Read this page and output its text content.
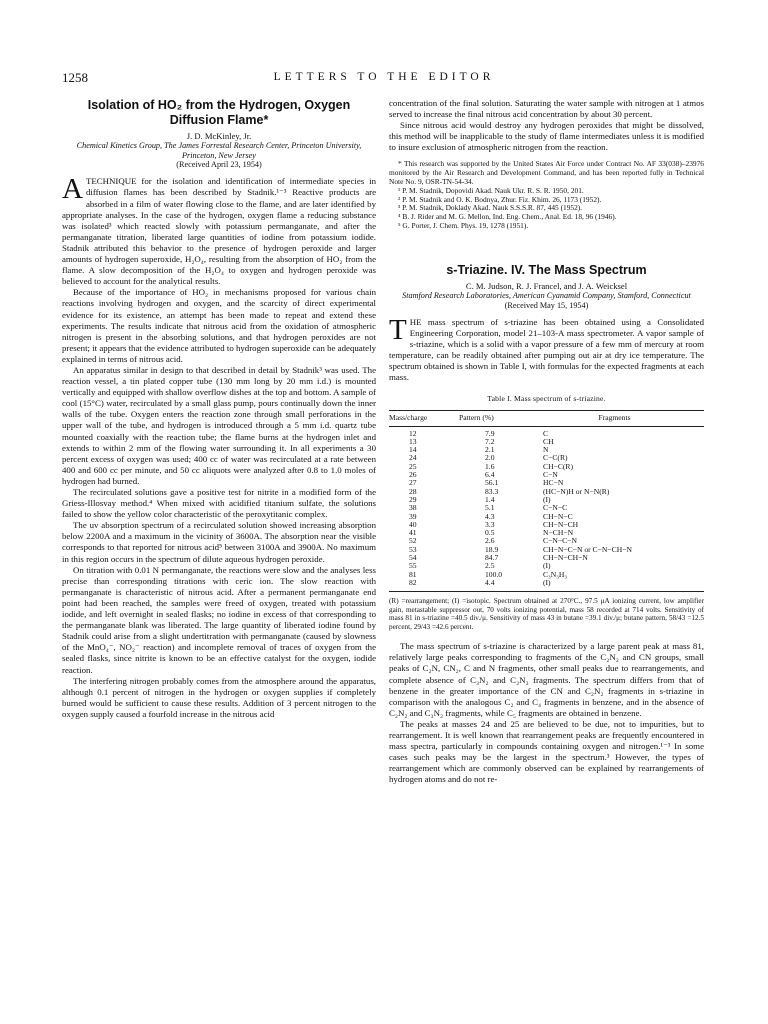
1258	LETTERS TO THE EDITOR
Isolation of HO₂ from the Hydrogen, Oxygen Diffusion Flame*
J. D. McKinley, Jr.
Chemical Kinetics Group, The James Forrestal Research Center, Princeton University, Princeton, New Jersey
(Received April 23, 1954)

ATECHNIQUE for the isolation and identification of intermediate species in diffusion flames has been described by Stadnik.¹⁻³ Reactive products are absorbed in a film of water flowing close to the flame, and are later identified by appropriate analyses. In the case of the hydrogen, oxygen flame a reducing substance was isolated³ which reacted slowly with potassium permanganate, and after the permanganate titration, liberated large quantities of iodine from potassium iodide. Stadnik attributed this behavior to the presence of hydrogen peroxide and larger amounts of hydrogen superoxide, H₂O₄, resulting from the absorption of HO₂ from the flame. A slow decomposition of the H₂O₄ to oxygen and hydrogen peroxide was believed to account for the analytical results.

Because of the importance of HO₂ in mechanisms proposed for various chain reactions involving hydrogen and oxygen, and the scarcity of direct experimental evidence for its existence, an attempt has been made to repeat and extend these experiments. The results indicate that nitrous acid from the oxidation of atmospheric nitrogen is present in the absorbing solutions, and that hydrogen peroxides are not present; it appears that the evidence attributed to hydrogen superoxide can be adequately explained in terms of nitrous acid.

An apparatus similar in design to that described in detail by Stadnik³ was used. The reaction vessel, a tin plated copper tube (130 mm long by 20 mm i.d.) is mounted vertically and equipped with shallow overflow dishes at the top and bottom. A sample of cool (15°C) water, recirculated by a small glass pump, pours continually down the inner walls of the tube. Oxygen enters the reaction zone through small perforations in the upper wall of the tube, and hydrogen is introduced through a 5 mm i.d. quartz tube mounted coaxially with the reaction tube; the flame burns at the hydrogen inlet and extends to within 2 mm of the flowing water surrounding it. In all experiments a 30 percent excess of oxygen was used; 400 cc of water was recirculated at a rate between 400 and 600 cc per minute, and 50 cc aliquots were analyzed after 0.8 to 1.0 moles of hydrogen had burned.

The recirculated solutions gave a positive test for nitrite in a modified form of the Griess-Illosvay method.⁴ When mixed with acidified titanium sulfate, the solutions failed to show the yellow color characteristic of the peroxytitanic complex.

The uv absorption spectrum of a recirculated solution showed increasing absorption below 2200A and a maximum in the vicinity of 3600A. The absorption near the visible corresponds to that reported for nitrous acid⁵ between 3100A and 3900A. No maximum in this region occurs in the spectrum of dilute aqueous hydrogen peroxide.

On titration with 0.01 N permanganate, the reactions were slow and the analyses less precise than corresponding titrations with ceric ion. The slow reaction with permanganate is characteristic of nitrous acid. After a permanent permanganate end point had been reached, the samples were freed of oxygen, treated with potassium iodide, and left overnight in sealed flasks; no iodine in excess of that corresponding to the permanganate blank was liberated. The large quantity of liberated iodine found by Stadnik could arise from a slight undertitration with permanganate (caused by slowness of the MnO₄⁻, NO₂⁻ reaction) and incomplete removal of traces of oxygen from the sealed flasks, since nitrite is known to be an effective catalyst for the oxygen, iodide reaction.

The interfering nitrogen probably comes from the atmosphere around the apparatus, although 0.1 percent of nitrogen in the hydrogen or oxygen supplies if completely burned would be sufficient to cause these results. Addition of 3 percent nitrogen to the oxygen supply caused a fourfold increase in the nitrous acid

concentration of the final solution. Saturating the water sample with nitrogen at 1 atmos served to increase the final nitrous acid concentration by about 30 percent.

Since nitrous acid would destroy any hydrogen peroxides that might be dissolved, this method will be inapplicable to the study of flame intermediates unless it is modified to insure exclusion of atmospheric nitrogen from the reaction.

* This research was supported by the United States Air Force under Contract No. AF 33(038)–23976 monitored by the Air Research and Development Command, and has been reported fully in Technical Note No. 9, OSR-TN-54-34.

¹ P. M. Stadnik, Dopovidi Akad. Nauk Ukr. R. S. R. 1950, 201.

² P. M. Stadnik and O. K. Bodnya, Zhur. Fiz. Khim. 26, 1173 (1952).

³ P. M. Stadnik, Doklady Akad. Nauk S.S.S.R. 87, 445 (1952).

⁴ B. J. Rider and M. G. Mellon, Ind. Eng. Chem., Anal. Ed. 18, 96 (1946).

⁵ G. Porter, J. Chem. Phys. 19, 1278 (1951).

s-Triazine. IV. The Mass Spectrum
C. M. Judson, R. J. Francel, and J. A. Weicksel
Stamford Research Laboratories, American Cyanamid Company, Stamford, Connecticut
(Received May 15, 1954)

THE mass spectrum of s-triazine has been obtained using a Consolidated Engineering Corporation, model 21–103-A mass spectrometer. A vapor sample of s-triazine, which is a solid with a vapor pressure of a few mm of mercury at room temperature, can be readily obtained after pumping out air at dry ice temperature. The spectrum obtained is shown in Table I, with formulas for the expected fragments at each mass.

Table I. Mass spectrum of s-triazine.
Mass/charge	Pattern (%)	Fragments
12	7.9	C
13	7.2	CH
14	2.1	N
24	2.0	C−C(R)
25	1.6	CH−C(R)
26	6.4	C−N
27	56.1	HC−N
28	83.3	(HC−N)H or N−N(R)
29	1.4	(I)
38	5.1	C−N−C
39	4.3	CH−N−C
40	3.3	CH−N−CH
41	0.5	N−CH−N
52	2.6	C−N−C−N
53	18.9	CH−N−C−N or C−N−CH−N
54	84.7	CH−N−CH−N
55	2.5	(I)
81	100.0	C₃N₃H₃
82	4.4	(I)
(R) =rearrangement; (I) =isotopic. Spectrum obtained at 270°C., 97.5 μA ionizing current, low amplifier gain, metastable suppressor out, 70 volts ionizing potential, mass 58 recorded at 714 volts. Sensitivity of mass 81 in s-triazine =40.5 div./μ. Sensitivity of mass 43 in butane =39.1 div./μ; butane pattern, 58/43 =12.5 percent, 29/43 =42.6 percent.

The mass spectrum of s-triazine is characterized by a large parent peak at mass 81, relatively large peaks corresponding to fragments of the C₂N₂ and CN groups, small peaks of C₂N, CN₂, C and N fragments, other small peaks due to rearrangements, and complete absence of C₃N₂ and C₂N₃ fragments. The spectrum differs from that of benzene in the greater importance of the CN and C₂N₂ fragments in s-triazine in comparison with the analogous C₂ and C₄ fragments in benzene, and in the absence of C₂N₂ and C₃N₂ fragments, while C₅ fragments are obtained in benzene.

The peaks at masses 24 and 25 are believed to be due, not to impurities, but to rearrangement. It is well known that rearrangement peaks are frequently encountered in mass spectra, particularly in compounds containing oxygen and nitrogen.¹⁻³ In some cases such peaks may be the largest in the spectrum.³ However, the types of rearrangement which are commonly observed can be explained by rearrangements of hydrogen atoms and do not re-
